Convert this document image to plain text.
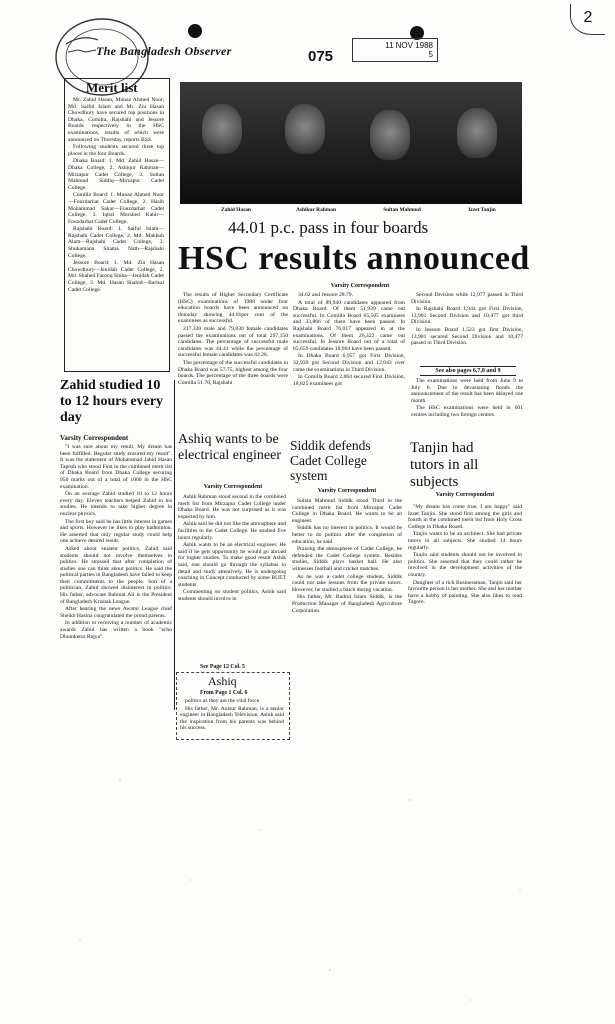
2
The Bangladesh Observer	075
11 NOV 1988
5
Merit list

Mr. Zahid Hasan, Munaz Ahmed Noor, Md. Saiful Islam and Mr. Ziu Hasan Chowdhury have secured top positions in Dhaka, Comilla, Rajshahi and Jessore Boards respectively in the HSC examinations, results of which were announced on Thursday, reports BSS.

Following students secured three top places in the four Boards.

Dhaka Board: 1. Md. Zahid Hasan—Dhaka College, 2. Ashiqur Rahman—Mirzapur Cadet College, 3. Sultan Mahmud Siddiq—Mirzapur Cadet College.

Comilla Board: 1. Munaz Ahmed Noor—Fouzdarhat Cadet College, 2. Hasib Mohammad Sakur—Fouzdarhat Cadet College, 3. Iqbal Morshed Kabir—Fouzdarhat Cadet College.

Rajshahi Board: 1. Saiful Islam—Rajshahi Cadet College, 2. Md. Mahbub Alam—Rajshahi Cadet College, 3. Shukamana Shama Nath—Rajshahi College.

Jessore Board: 1. Md. Zia Hasan Chowdhury—Jenidah Cadet College, 2. Md. Shahed Farooq Sinha—Jenidah Cadet College, 3. Md. Hasan Shahid—Barisal Cadet College.

Zahid Hasan	Ashikur Rahman	Sultan Mahmud	Izzet Tanjin
44.01 p.c. pass in four boards
HSC results announced
Varsity Correspondent

The results of Higher Secondary Certificate (HSC) examinations of 1988 under four education boards have been announced on thursday showing 44.01per cent of the examinees as successful.

217,320 male and 79,830 female candidates passed the examinations out of total 297,150 candidates. The percentage of successful male candidates was 44.41 while the percentage of successful female candidates was 43.26.

The percentage of the successful candidates in Dhaka Board was 57.75, highest among the four boards. The percentage of the three boards were Comilla 51.70, Rajshahi

34.62 and Jessore 28.79.

A total of 89,940 candidates appeared from Dhaka Board. Of them 51,939 came out successful. In Comilla Board 65,505 examinees and 33,866 of them have been passed. In Rajshahi Board 76,017 appeared in at the examinations. Of them 26,322 came out successful. In Jessore Board out of a total of 65,659 candidates 18,904 have been passed.

In Dhaka Board 6,957 got First Division, 32,939 got Second Division and 12,043 over came the examinations in Third Division.

In Comilla Board 2,064 secured First Division, 18,825 examinees got

Second Division while 12,977 passed in Third Division.

In Rajshahi Board 1,944 got First Division, 13,901 Second Division and 10,477 got third Division.

In Jessore Board 1,523 got first Division, 13,901 secured Second Division and 10,477 passed in Third Division.

See also pages 6,7,8 and 9

The examinations were held from June 9 to July 6. Due to devastating floods the announcement of the result has been delayed one month.

The HSC examinations were held in 601 centres including two foreign centres.

Zahid studied 10 to 12 hours every day
Varsity Correspondent

"I was sure about my result. My dream has been fulfilled. Regular study ensured my result". It was the statement of Mohammad Jahid Hasan Taposh who stood First in the combined merit list of Dhaka Board from Dhaka College securing 950 marks out of a total of 1000 in the HSC examination.

On an average Zahid studied 10 to 12 hours every day. Eleven teachers helped Zahid in his studies. He intends to take higher degree in nuclear physics.

The first boy said he has little interest in games and sports. However he likes to play badminton. He asserted that only regular study could help one achieve desired result.

Asked about student politics, Zahid said students should not involve themselves in politics. He stressed that after completion of studies one can think about politics. He said the political parties in Bangladesh have failed to keep their commitments to the people. Son of a politician, Zahid showed disinterest in politics. His father, advocate Rahmat Ali is the President of Bangladesh Krishak League.

After hearing the news Awami League chief Sheikh Hasina congratulated the proud parents.

In addition to receiving a number of academic awards Zahid has written a book "echo Dhumketur Rajya".

Ashiq wants to be electrical engineer
Varsity Correspondent

Ashik Rahman stood second in the combined merit list from Mirzapur Cadet College under Dhaka Board. He was not surprised as it was expected by him.

Ashik said he did not like the atmosphere and facilities in the Cadet College. He studied five hours regularly.

Ashik wants to be an electrical engineer. He said if he gets opportunity he would go abroad for higher studies. To make good result Ashik said, one should go through the syllabus in detail and study attentively. He is undergoing coaching in Concept conducted by some BUET students.

Commenting on student politics, Ashik said students should involve in

See Page 12 Col. 5
Ashiq
From Page 1 Col. 6

politics as they are the vital force.

His father, Mr. Anisur Rahman, is a senior engineer in Bangladesh Television. Ashik said the inspiration from his parents was behind his success.

Siddik defends Cadet College system
Varsity Correspondent

Sultan Mahmud Siddik stood Third in the combined merit list from Mirzapur Cadet College in Dhaka Board. He wants to be an engineer.

Siddik has no interest in politics. It would be better to do politics after the completion of education, he said.

Praising the atmosphere of Cadet College, he defended the Cadet College system. Besides studies, Siddik plays basket ball. He also witnesses football and cricket matches.

As he was a cadet college student, Siddik could not take lessons from the private tutors. However, he studied a batch during vacation.

His father, Mr. Badrul Islam Siddik, is the Production Manager of Bangladesh Agriculture Corporation.

Tanjin had tutors in all subjects
Varsity Correspondent

"My dream has come true, I am happy" said Izzet Tanjin. She stood first among the girls and fourth in the combined merit list from Holy Cross College in Dhaka Board.

Tanjin wants to be an architect. She had private tutors in all subjects. She studied 14 hours regularly.

Tanjin said students should not be involved in politics. She asserted that they could rather be involved in the development activities of the country.

Daughter of a rich Businessman, Tanjin said her favourite person is her mother. She and her mother have a hobby of painting. She also likes to read Tagore.
